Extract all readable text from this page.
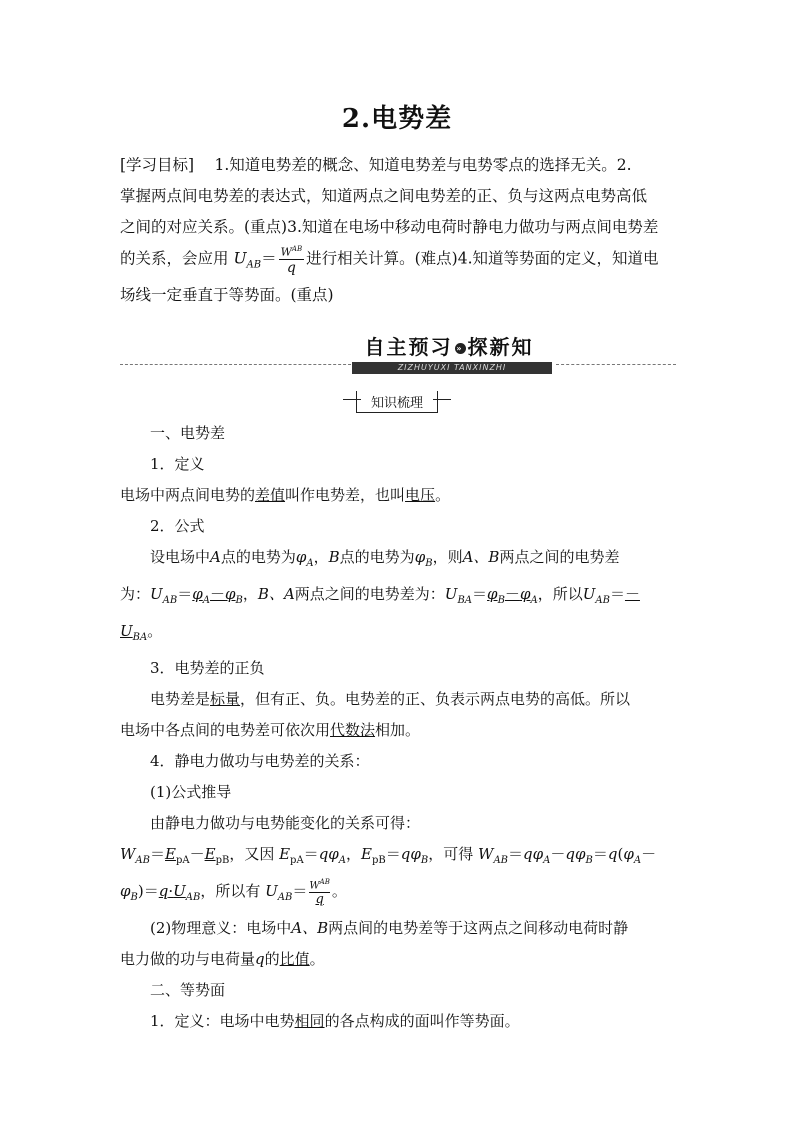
2.电势差
[学习目标]　 1.知道电势差的概念、知道电势差与电势零点的选择无关。2.
掌握两点间电势差的表达式，知道两点之间电势差的正、负与这两点电势高低
之间的对应关系。(重点)3.知道在电场中移动电荷时静电力做功与两点间电势差
的关系，会应用 $U_{AB}= \frac{W^{AB}}{q}$ 进行相关计算。(难点)4.知道等势面的定义，知道电
场线一定垂直于等势面。(重点)
自主预习 » 探新知
ZIZHUYUXI TANXINZHI
知识梳理
一、电势差
1．定义
电场中两点间电势的差值叫作电势差，也叫电压。
2．公式
设电场中A点的电势为$\varphi_A$，B点的电势为$\varphi_B$，则A、B两点之间的电势差
为：$U_{AB}=\varphi_A-\varphi_B$，B、A两点之间的电势差为：$U_{BA}=\varphi_B-\varphi_A$，所以$U_{AB}=-$
$U_{BA}$。
3．电势差的正负
电势差是标量，但有正、负。电势差的正、负表示两点电势的高低。所以
电场中各点间的电势差可依次用代数法相加。
4．静电力做功与电势差的关系：
(1)公式推导
由静电力做功与电势能变化的关系可得：
$W_{AB}=E_{pA}-E_{pB}$，又因 $E_{pA}=q\varphi_A$，$E_{pB}=q\varphi_B$，可得 $W_{AB}=q\varphi_A-q\varphi_B=q(\varphi_A-$
$\varphi_B)=q\cdot U_{AB}$，所以有 $U_{AB}= \frac{W^{AB}}{q}$ 。
(2)物理意义：电场中A、B两点间的电势差等于这两点之间移动电荷时静
电力做的功与电荷量q的比值。
二、等势面
1．定义：电场中电势相同的各点构成的面叫作等势面。
